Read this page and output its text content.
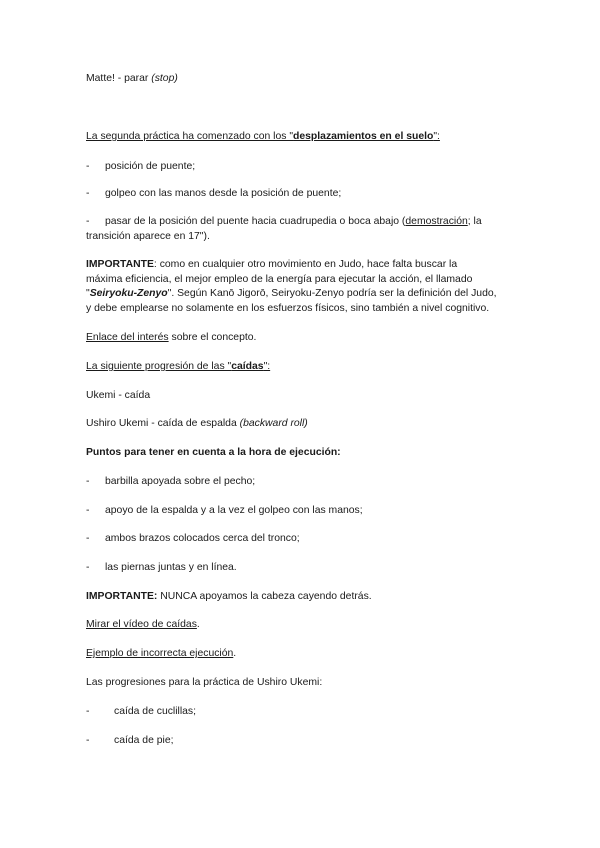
Matte! - parar (stop)
La segunda práctica ha comenzado con los "desplazamientos en el suelo":
- posición de puente;
- golpeo con las manos desde la posición de puente;
- pasar de la posición del puente hacia cuadrupedia o boca abajo (demostración; la
transición aparece en 17").
IMPORTANTE: como en cualquier otro movimiento en Judo, hace falta buscar la
máxima eficiencia, el mejor empleo de la energía para ejecutar la acción, el llamado
"Seiryoku-Zenyo". Según Kanō Jigorō, Seiryoku-Zenyo podría ser la definición del Judo,
y debe emplearse no solamente en los esfuerzos físicos, sino también a nivel cognitivo.
Enlace del interés sobre el concepto.
La siguiente progresión de las "caídas":
Ukemi - caída
Ushiro Ukemi - caída de espalda (backward roll)
Puntos para tener en cuenta a la hora de ejecución:
- barbilla apoyada sobre el pecho;
- apoyo de la espalda y a la vez el golpeo con las manos;
- ambos brazos colocados cerca del tronco;
- las piernas juntas y en línea.
IMPORTANTE: NUNCA apoyamos la cabeza cayendo detrás.
Mirar el vídeo de caídas.
Ejemplo de incorrecta ejecución.
Las progresiones para la práctica de Ushiro Ukemi:
- caída de cuclillas;
- caída de pie;
